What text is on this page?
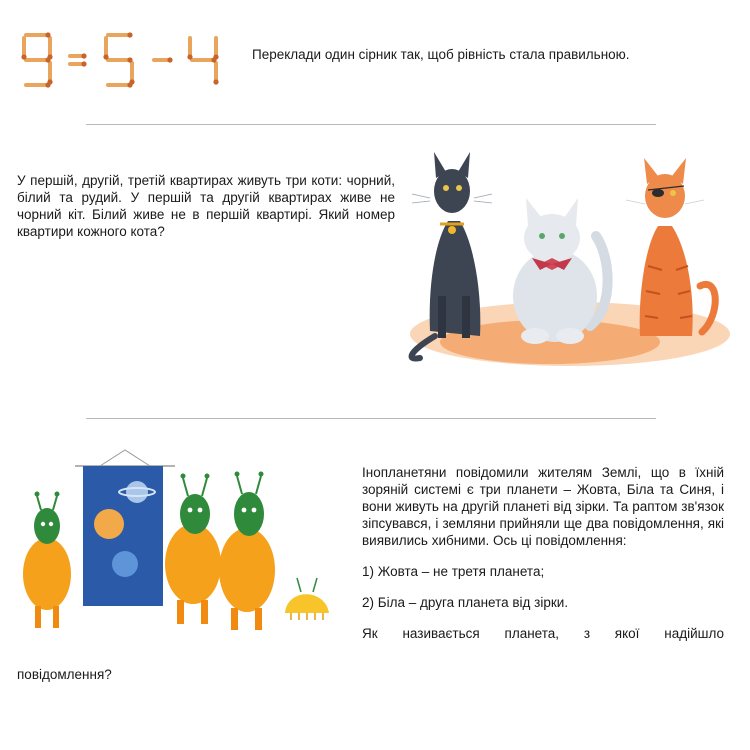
Переклади один сірник так, щоб рівність стала правильною.
У першій, другій, третій квартирах живуть три коти: чорний, білий та рудий. У першій та другій квартирах живе не чорний кіт. Білий живе не в першій квартирі. Який номер квартири кожного кота?

Інопланетяни повідомили жителям Землі, що в їхній зоряній системі є три планети – Жовта, Біла та Синя, і вони живуть на другій планеті від зірки. Та раптом зв'язок зіпсувався, і земляни прийняли ще два повідомлення, які виявились хибними. Ось ці повідомлення:

1) Жовта – не третя планета;

2) Біла – друга планета від зірки.

Як називається планета, з якої надійшло

повідомлення?
